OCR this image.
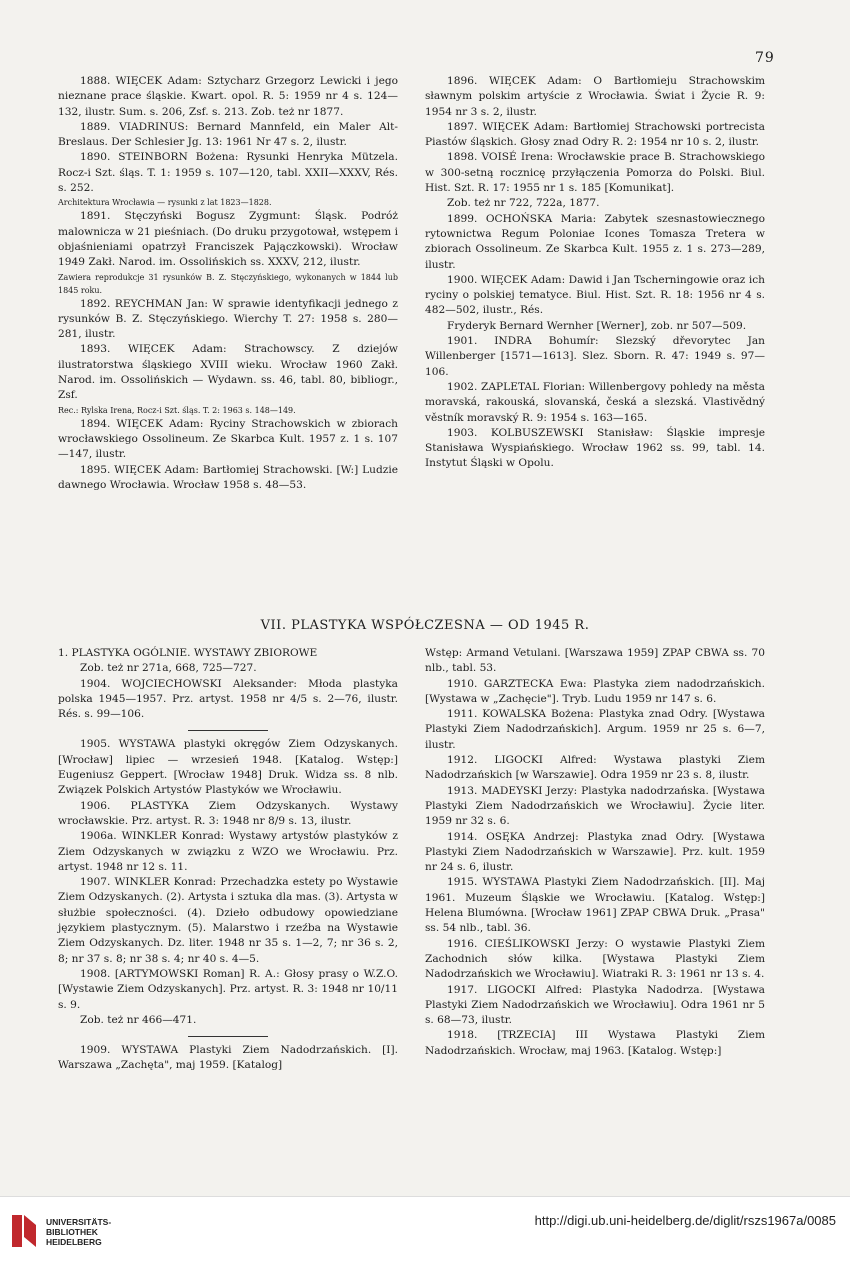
79

1888. WIĘCEK Adam: Sztycharz Grzegorz Lewicki i jego nieznane prace śląskie. Kwart. opol. R. 5: 1959 nr 4 s. 124—132, ilustr. Sum. s. 206, Zsf. s. 213. Zob. też nr 1877.

1889. VIADRINUS: Bernard Mannfeld, ein Maler Alt-Breslaus. Der Schlesier Jg. 13: 1961 Nr 47 s. 2, ilustr.

1890. STEINBORN Bożena: Rysunki Henryka Mützela. Rocz-i Szt. śląs. T. 1: 1959 s. 107—120, tabl. XXII—XXXV, Rés. s. 252.

Architektura Wrocławia — rysunki z lat 1823—1828.

1891. Stęczyński Bogusz Zygmunt: Śląsk. Podróż malownicza w 21 pieśniach. (Do druku przygotował, wstępem i objaśnieniami opatrzył Franciszek Pajączkowski). Wrocław 1949 Zakł. Narod. im. Ossolińskich ss. XXXV, 212, ilustr.

Zawiera reprodukcje 31 rysunków B. Z. Stęczyńskiego, wykonanych w 1844 lub 1845 roku.

1892. REYCHMAN Jan: W sprawie identyfikacji jednego z rysunków B. Z. Stęczyńskiego. Wierchy T. 27: 1958 s. 280—281, ilustr.

1893. WIĘCEK Adam: Strachowscy. Z dziejów ilustratorstwa śląskiego XVIII wieku. Wrocław 1960 Zakł. Narod. im. Ossolińskich — Wydawn. ss. 46, tabl. 80, bibliogr., Zsf.

Rec.: Rylska Irena, Rocz-i Szt. śląs. T. 2: 1963 s. 148—149.

1894. WIĘCEK Adam: Ryciny Strachowskich w zbiorach wrocławskiego Ossolineum. Ze Skarbca Kult. 1957 z. 1 s. 107—147, ilustr.

1895. WIĘCEK Adam: Bartłomiej Strachowski. [W:] Ludzie dawnego Wrocławia. Wrocław 1958 s. 48—53.

1896. WIĘCEK Adam: O Bartłomieju Strachowskim sławnym polskim artyście z Wrocławia. Świat i Życie R. 9: 1954 nr 3 s. 2, ilustr.

1897. WIĘCEK Adam: Bartłomiej Strachowski portrecista Piastów śląskich. Głosy znad Odry R. 2: 1954 nr 10 s. 2, ilustr.

1898. VOISÉ Irena: Wrocławskie prace B. Strachowskiego w 300-setną rocznicę przyłączenia Pomorza do Polski. Biul. Hist. Szt. R. 17: 1955 nr 1 s. 185 [Komunikat].

Zob. też nr 722, 722a, 1877.

1899. OCHOŃSKA Maria: Zabytek szesnastowiecznego rytownictwa Regum Poloniae Icones Tomasza Tretera w zbiorach Ossolineum. Ze Skarbca Kult. 1955 z. 1 s. 273—289, ilustr.

1900. WIĘCEK Adam: Dawid i Jan Tscherningowie oraz ich ryciny o polskiej tematyce. Biul. Hist. Szt. R. 18: 1956 nr 4 s. 482—502, ilustr., Rés.

Fryderyk Bernard Wernher [Werner], zob. nr 507—509.

1901. INDRA Bohumír: Slezský dřevorytec Jan Willenberger [1571—1613]. Slez. Sborn. R. 47: 1949 s. 97—106.

1902. ZAPLETAL Florian: Willenbergovy pohledy na města moravská, rakouská, slovanská, česká a slezská. Vlastivědný věstník moravský R. 9: 1954 s. 163—165.

1903. KOLBUSZEWSKI Stanisław: Śląskie impresje Stanisława Wyspiańskiego. Wrocław 1962 ss. 99, tabl. 14. Instytut Śląski w Opolu.

VII. PLASTYKA WSPÓŁCZESNA — OD 1945 R.

1. PLASTYKA OGÓLNIE. WYSTAWY ZBIOROWE

Zob. też nr 271a, 668, 725—727.

1904. WOJCIECHOWSKI Aleksander: Młoda plastyka polska 1945—1957. Prz. artyst. 1958 nr 4/5 s. 2—76, ilustr. Rés. s. 99—106.

1905. WYSTAWA plastyki okręgów Ziem Odzyskanych. [Wrocław] lipiec — wrzesień 1948. [Katalog. Wstęp:] Eugeniusz Geppert. [Wrocław 1948] Druk. Widza ss. 8 nlb. Związek Polskich Artystów Plastyków we Wrocławiu.

1906. PLASTYKA Ziem Odzyskanych. Wystawy wrocławskie. Prz. artyst. R. 3: 1948 nr 8/9 s. 13, ilustr.

1906a. WINKLER Konrad: Wystawy artystów plastyków z Ziem Odzyskanych w związku z WZO we Wrocławiu. Prz. artyst. 1948 nr 12 s. 11.

1907. WINKLER Konrad: Przechadzka estety po Wystawie Ziem Odzyskanych. (2). Artysta i sztuka dla mas. (3). Artysta w służbie społeczności. (4). Dzieło odbudowy opowiedziane językiem plastycznym. (5). Malarstwo i rzeźba na Wystawie Ziem Odzyskanych. Dz. liter. 1948 nr 35 s. 1—2, 7; nr 36 s. 2, 8; nr 37 s. 8; nr 38 s. 4; nr 40 s. 4—5.

1908. [ARTYMOWSKI Roman] R. A.: Głosy prasy o W.Z.O. [Wystawie Ziem Odzyskanych]. Prz. artyst. R. 3: 1948 nr 10/11 s. 9.

Zob. też nr 466—471.

1909. WYSTAWA Plastyki Ziem Nadodrzańskich. [I]. Warszawa „Zachęta", maj 1959. [Katalog]

Wstęp: Armand Vetulani. [Warszawa 1959] ZPAP CBWA ss. 70 nlb., tabl. 53.

1910. GARZTECKA Ewa: Plastyka ziem nadodrzańskich. [Wystawa w „Zachęcie"]. Tryb. Ludu 1959 nr 147 s. 6.

1911. KOWALSKA Bożena: Plastyka znad Odry. [Wystawa Plastyki Ziem Nadodrzańskich]. Argum. 1959 nr 25 s. 6—7, ilustr.

1912. LIGOCKI Alfred: Wystawa plastyki Ziem Nadodrzańskich [w Warszawie]. Odra 1959 nr 23 s. 8, ilustr.

1913. MADEYSKI Jerzy: Plastyka nadodrzańska. [Wystawa Plastyki Ziem Nadodrzańskich we Wrocławiu]. Życie liter. 1959 nr 32 s. 6.

1914. OSĘKA Andrzej: Plastyka znad Odry. [Wystawa Plastyki Ziem Nadodrzańskich w Warszawie]. Prz. kult. 1959 nr 24 s. 6, ilustr.

1915. WYSTAWA Plastyki Ziem Nadodrzańskich. [II]. Maj 1961. Muzeum Śląskie we Wrocławiu. [Katalog. Wstęp:] Helena Blumówna. [Wrocław 1961] ZPAP CBWA Druk. „Prasa" ss. 54 nlb., tabl. 36.

1916. CIEŚLIKOWSKI Jerzy: O wystawie Plastyki Ziem Zachodnich słów kilka. [Wystawa Plastyki Ziem Nadodrzańskich we Wrocławiu]. Wiatraki R. 3: 1961 nr 13 s. 4.

1917. LIGOCKI Alfred: Plastyka Nadodrza. [Wystawa Plastyki Ziem Nadodrzańskich we Wrocławiu]. Odra 1961 nr 5 s. 68—73, ilustr.

1918. [TRZECIA] III Wystawa Plastyki Ziem Nadodrzańskich. Wrocław, maj 1963. [Katalog. Wstęp:]

UNIVERSITÄTS-
BIBLIOTHEK
HEIDELBERG
http://digi.ub.uni-heidelberg.de/diglit/rszs1967a/0085
